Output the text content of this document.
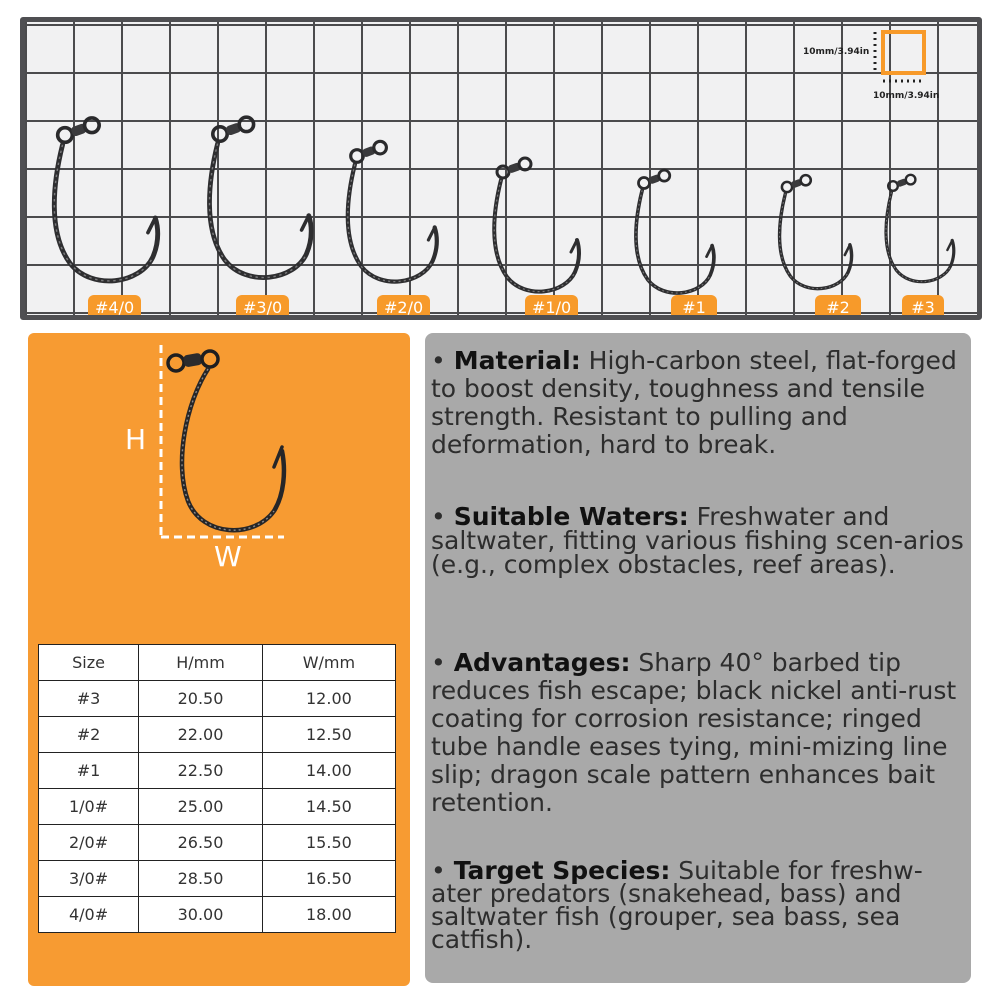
10mm/3.94in
10mm/3.94in
#4/0	#3/0	#2/0	#1/0	#1	#2	#3
H
W
Size	H/mm	W/mm
#3	20.50	12.00
#2	22.00	12.50
#1	22.50	14.00
1/0#	25.00	14.50
2/0#	26.50	15.50
3/0#	28.50	16.50
4/0#	30.00	18.00

• Material: High-carbon steel, flat-forged to boost density, toughness and tensile strength. Resistant to pulling and deformation, hard to break.

• Suitable Waters: Freshwater and saltwater, fitting various fishing scen-arios (e.g., complex obstacles, reef areas).

• Advantages: Sharp 40° barbed tip reduces fish escape; black nickel anti-rust coating for corrosion resistance; ringed tube handle eases tying, mini-mizing line slip; dragon scale pattern enhances bait retention.

• Target Species: Suitable for freshw-ater predators (snakehead, bass) and saltwater fish (grouper, sea bass, sea catfish).
